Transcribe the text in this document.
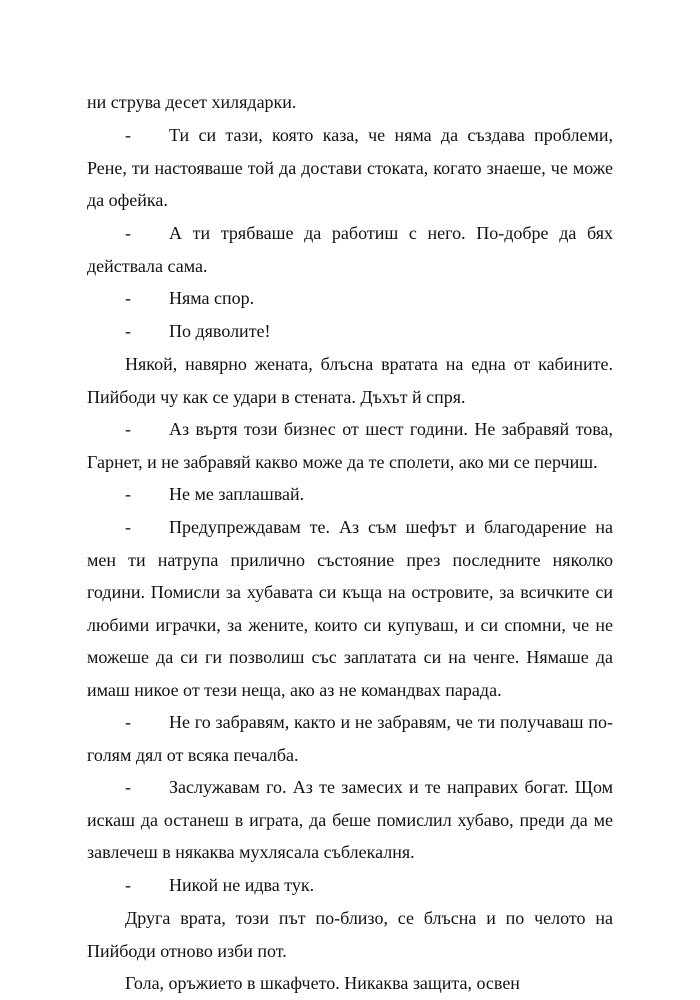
ни струва десет хилядарки.

- Ти си тази, която каза, че няма да създава проблеми, Рене, ти настояваше той да достави стоката, когато знаеше, че може да офейка.

- А ти трябваше да работиш с него. По-добре да бях действала сама.

- Няма спор.

- По дяволите!

Някой, навярно жената, блъсна вратата на една от кабините. Пийбоди чу как се удари в стената. Дъхът й спря.

- Аз въртя този бизнес от шест години. Не забравяй това, Гарнет, и не забравяй какво може да те сполети, ако ми се перчиш.

- Не ме заплашвай.

- Предупреждавам те. Аз съм шефът и благодарение на мен ти натрупа прилично състояние през последните няколко години. Помисли за хубавата си къща на островите, за всичките си любими играчки, за жените, които си купуваш, и си спомни, че не можеше да си ги позволиш със заплатата си на ченге. Нямаше да имаш никое от тези неща, ако аз не командвах парада.

- Не го забравям, както и не забравям, че ти получаваш по-голям дял от всяка печалба.

- Заслужавам го. Аз те замесих и те направих богат. Щом искаш да останеш в играта, да беше помислил хубаво, преди да ме завлечеш в някаква мухлясала съблекалня.

- Никой не идва тук.

Друга врата, този път по-близо, се блъсна и по челото на Пийбоди отново изби пот.

Гола, оръжието в шкафчето. Никаква защита, освен
